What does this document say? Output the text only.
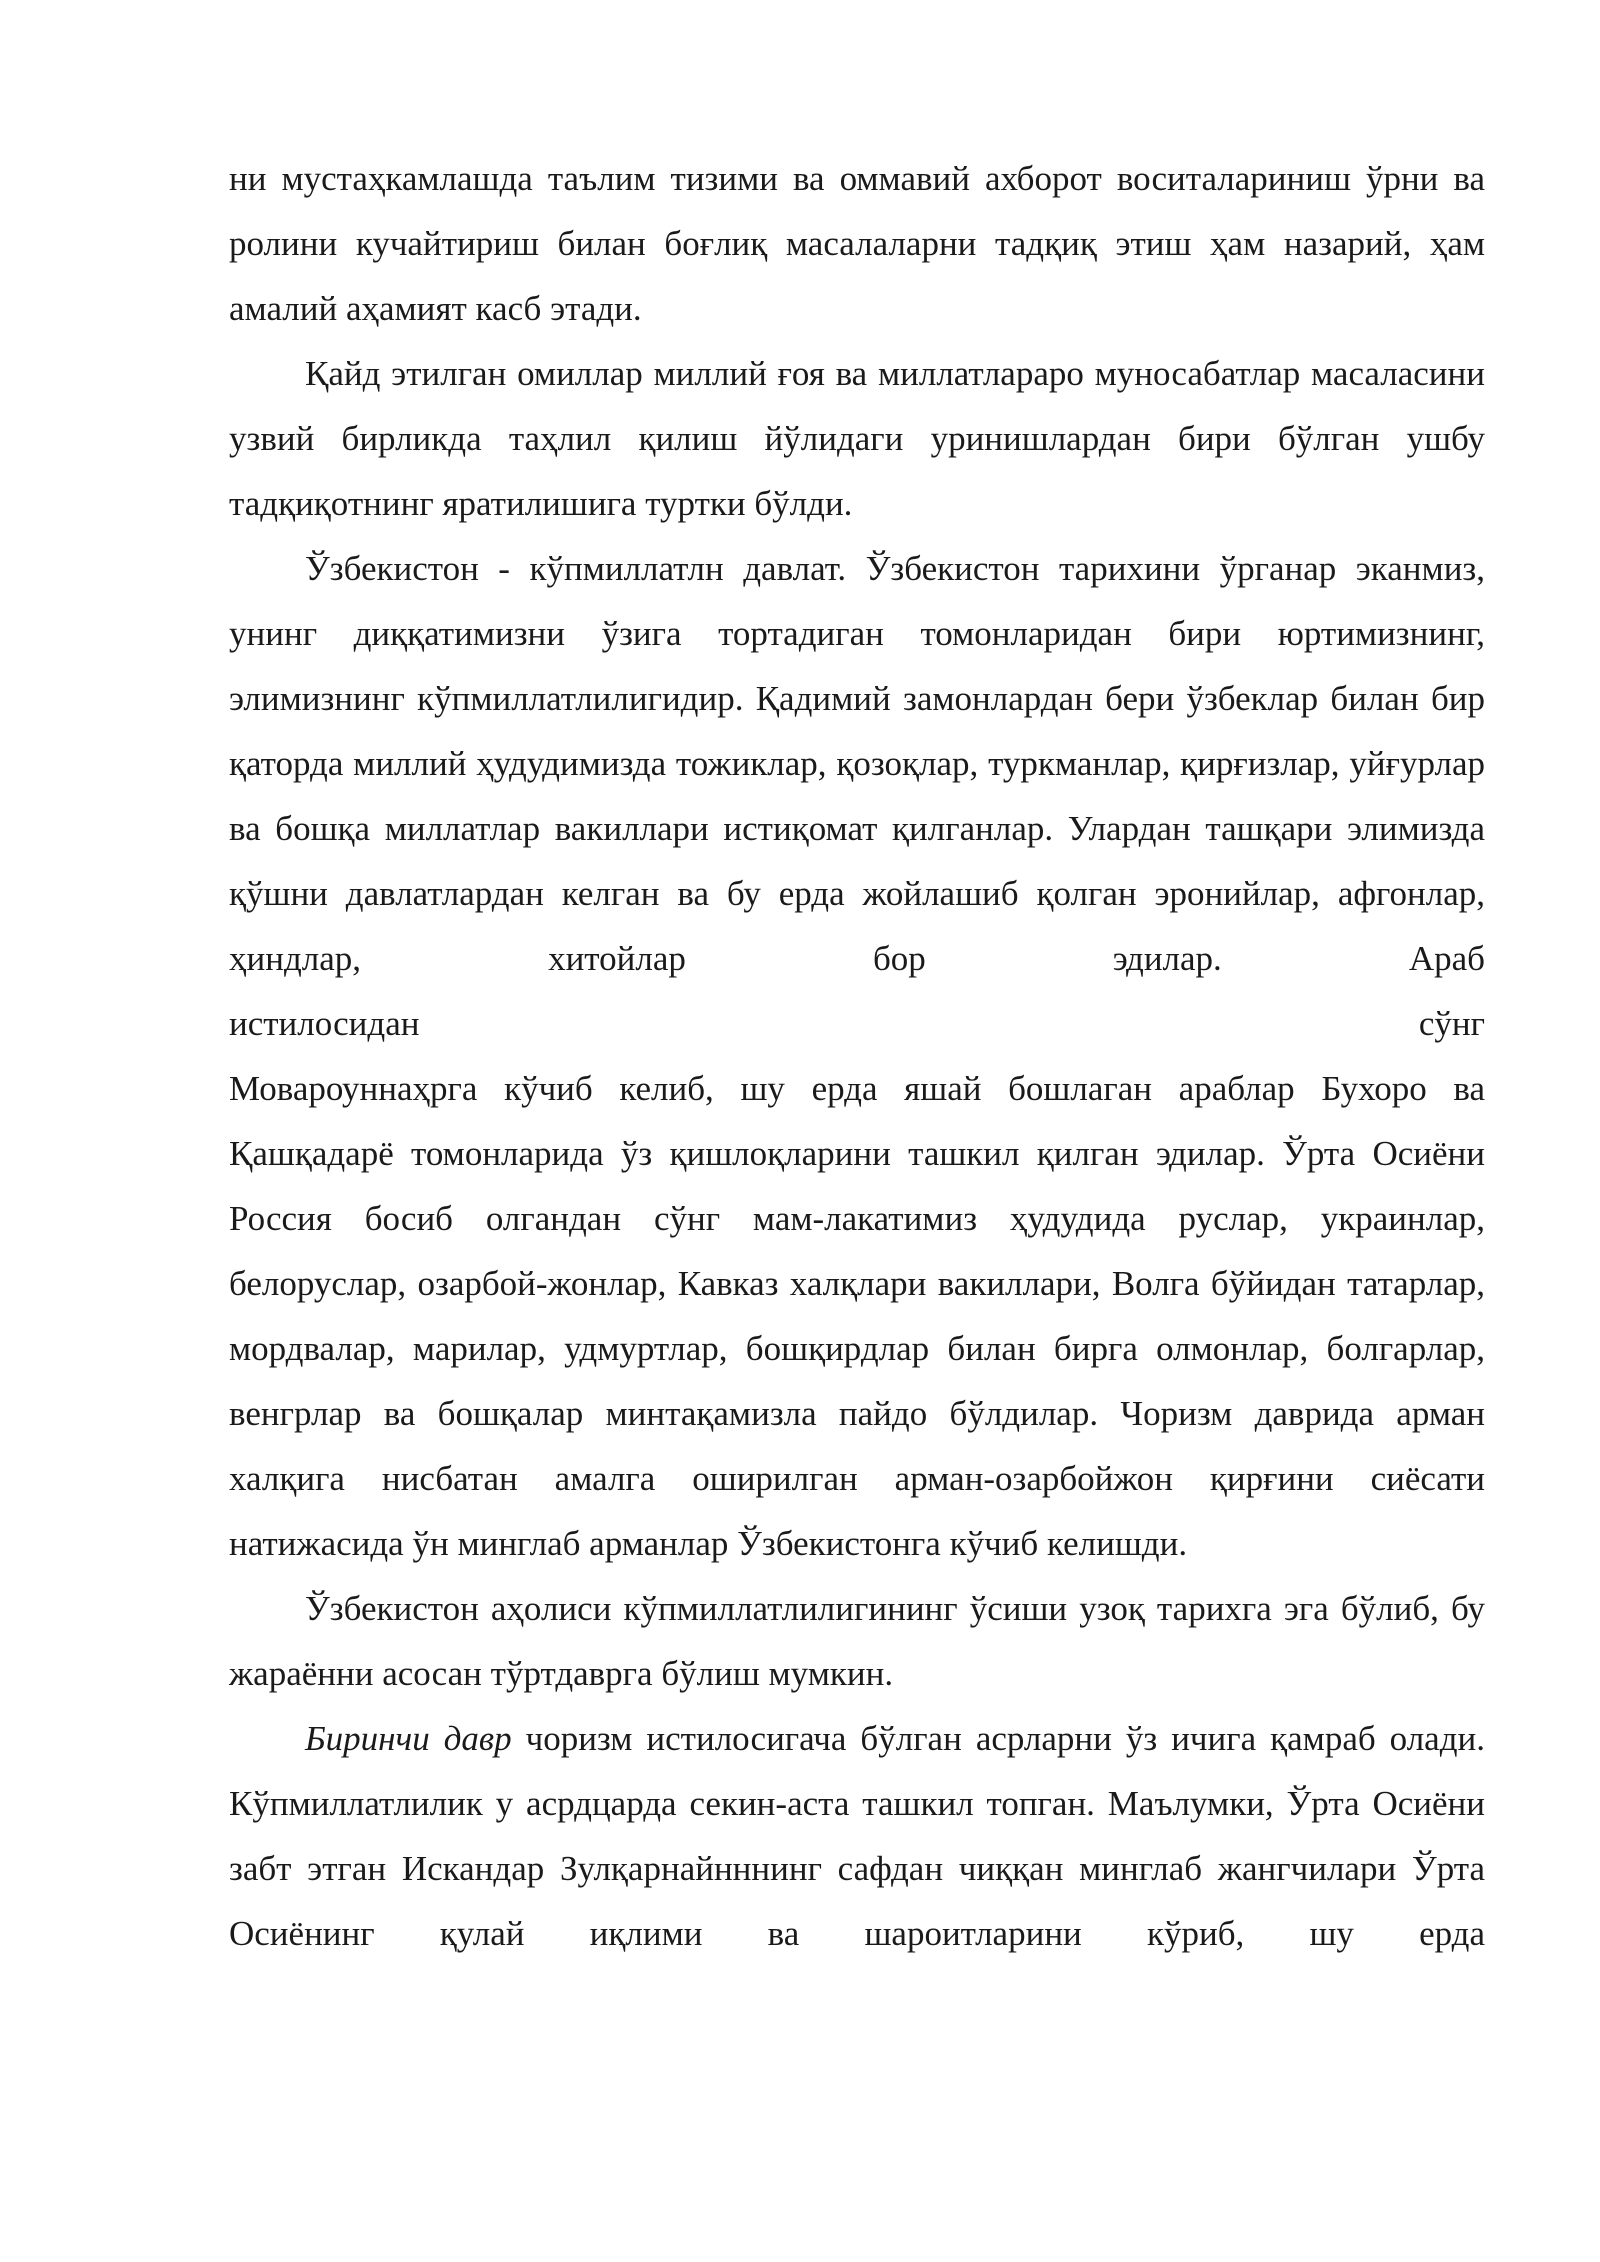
ни мустаҳкамлашда таълим тизими ва оммавий ахборот воситалариниш ўрни ва ролини кучайтириш билан боғлиқ масалаларни тадқиқ этиш ҳам назарий, ҳам амалий аҳамият касб этади.

Қайд этилган омиллар миллий ғоя ва миллатлараро муносабатлар масаласини узвий бирликда таҳлил қилиш йўлидаги уринишлардан бири бўлган ушбу тадқиқотнинг яратилишига туртки бўлди.

Ўзбекистон - кўпмиллатлн давлат. Ўзбекистон тарихини ўрганар эканмиз, унинг диққатимизни ўзига тортадиган томонларидан бири юртимизнинг, элимизнинг кўпмиллатлилигидир. Қадимий замонлардан бери ўзбеклар билан бир қаторда миллий ҳудудимизда тожиклар, қозоқлар, туркманлар, қирғизлар, уйғурлар ва бошқа миллатлар вакиллари истиқомат қилганлар. Улардан ташқари элимизда қўшни давлатлардан келган ва бу ерда жойлашиб қолган эронийлар, афгонлар, ҳиндлар, хитойлар бор эдилар. Араб
истилосидан сўнг
Мовароуннаҳрга кўчиб келиб, шу ерда яшай бошлаган араблар Бухоро ва Қашқадарё томонларида ўз қишлоқларини ташкил қилган эдилар. Ўрта Осиёни Россия босиб олгандан сўнг мам-лакатимиз ҳудудида руслар, украинлар, белоруслар, озарбой-жонлар, Кавказ халқлари вакиллари, Волга бўйидан татарлар, мордвалар, марилар, удмуртлар, бошқирдлар билан бирга олмонлар, болгарлар, венгрлар ва бошқалар минтақамизла пайдо бўлдилар. Чоризм даврида арман халқига нисбатан амалга оширилган арман-озарбойжон қирғини сиёсати натижасида ўн минглаб арманлар Ўзбекистонга кўчиб келишди.

Ўзбекистон аҳолиси кўпмиллатлилигининг ўсиши узоқ тарихга эга бўлиб, бу жараённи асосан тўртдаврга бўлиш мумкин.

Биринчи давр чоризм истилосигача бўлган асрларни ўз ичига қамраб олади. Кўпмиллатлилик у асрдцарда секин-аста ташкил топган. Маълумки, Ўрта Осиёни забт этган Искандар Зулқарнайнннинг сафдан чиққан минглаб жангчилари Ўрта Осиёнинг қулай иқлими ва шароитларини кўриб, шу ерда
